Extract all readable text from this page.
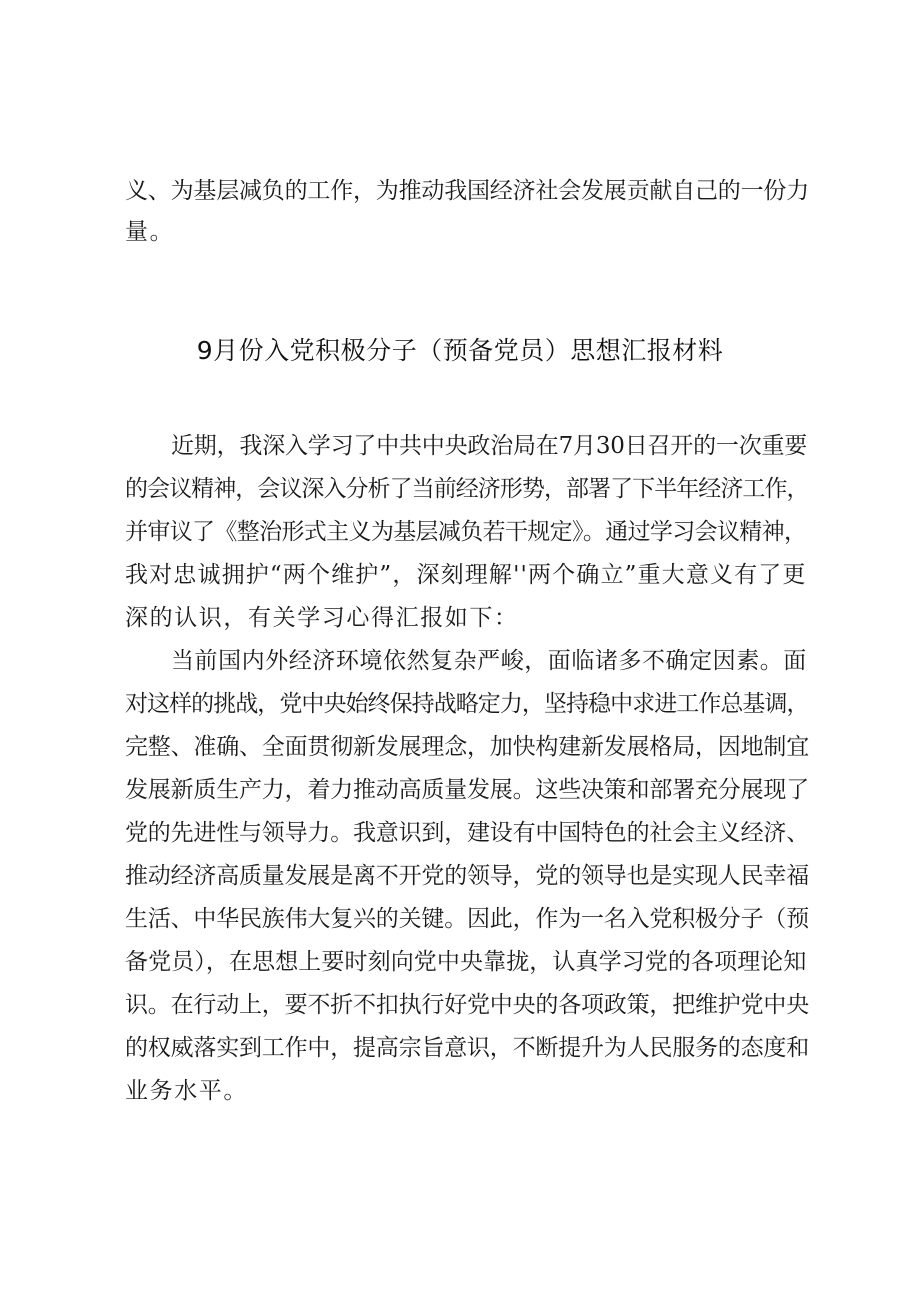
义、为基层减负的工作，为推动我国经济社会发展贡献自己的一份力
量。
9月份入党积极分子（预备党员）思想汇报材料
近期，我深入学习了中共中央政治局在7月30日召开的一次重要
的会议精神，会议深入分析了当前经济形势，部署了下半年经济工作，
并审议了《整治形式主义为基层减负若干规定》。通过学习会议精神，
我对忠诚拥护“两个维护”，深刻理解''两个确立”重大意义有了更
深的认识，有关学习心得汇报如下：
当前国内外经济环境依然复杂严峻，面临诸多不确定因素。面
对这样的挑战，党中央始终保持战略定力，坚持稳中求进工作总基调，
完整、准确、全面贯彻新发展理念，加快构建新发展格局，因地制宜
发展新质生产力，着力推动高质量发展。这些决策和部署充分展现了
党的先进性与领导力。我意识到，建设有中国特色的社会主义经济、
推动经济高质量发展是离不开党的领导，党的领导也是实现人民幸福
生活、中华民族伟大复兴的关键。因此，作为一名入党积极分子（预
备党员），在思想上要时刻向党中央靠拢，认真学习党的各项理论知
识。在行动上，要不折不扣执行好党中央的各项政策，把维护党中央
的权威落实到工作中，提高宗旨意识，不断提升为人民服务的态度和
业务水平。
